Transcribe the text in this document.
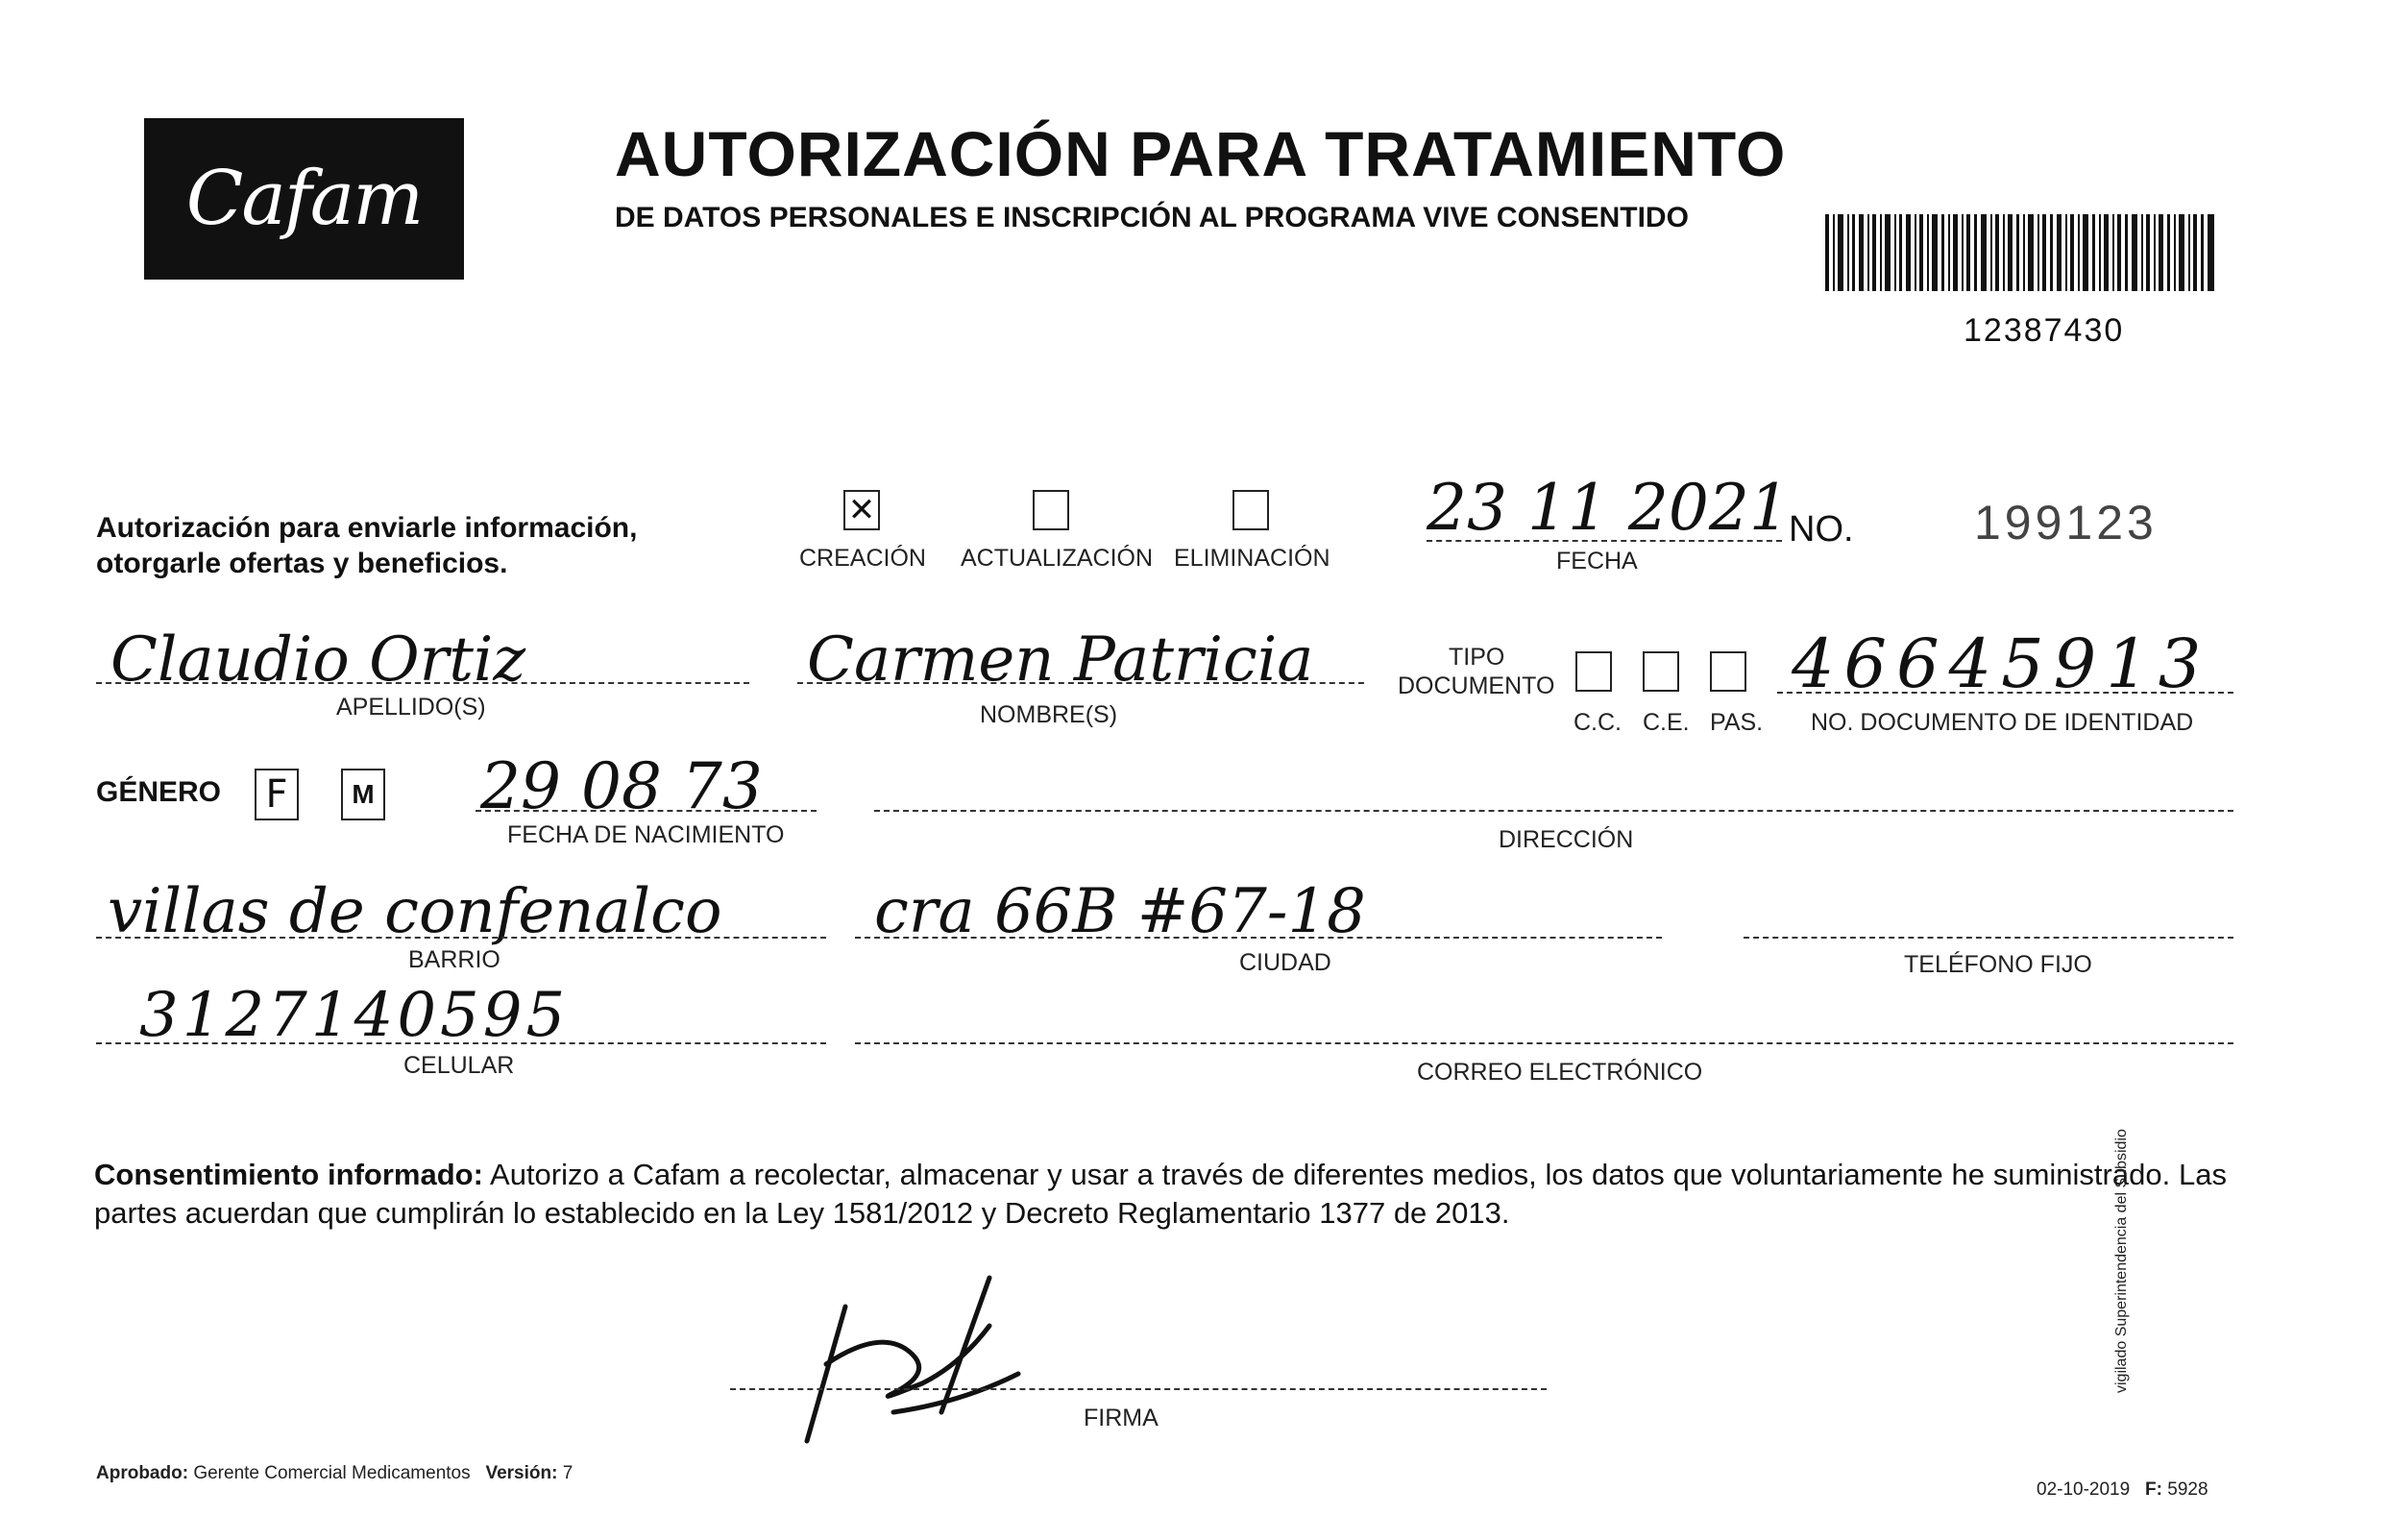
Cafam
AUTORIZACIÓN PARA TRATAMIENTO
DE DATOS PERSONALES E INSCRIPCIÓN AL PROGRAMA VIVE CONSENTIDO
12387430
Autorización para enviarle información,
otorgarle ofertas y beneficios.
✕
CREACIÓN ACTUALIZACIÓN ELIMINACIÓN
23 11 2021
FECHA
NO.	199123
Claudio Ortiz
APELLIDO(S)
Carmen Patricia
NOMBRE(S)
TIPO
DOCUMENTO
C.C. C.E. PAS.
46645913
NO. DOCUMENTO DE IDENTIDAD
GÉNERO F	M 29 08 73
FECHA DE NACIMIENTO	DIRECCIÓN
villas de confenalco
BARRIO
cra 66B #67-18
CIUDAD	TELÉFONO FIJO
3127140595
CELULAR	CORREO ELECTRÓNICO
Consentimiento informado: Autorizo a Cafam a recolectar, almacenar y usar a través de diferentes medios, los datos que voluntariamente he suministrado. Las partes acuerdan que cumplirán lo establecido en la Ley 1581/2012 y Decreto Reglamentario 1377 de 2013.
FIRMA
Aprobado: Gerente Comercial Medicamentos Versión: 7
02-10-2019 F: 5928
vigilado Superintendencia del Subsidio
